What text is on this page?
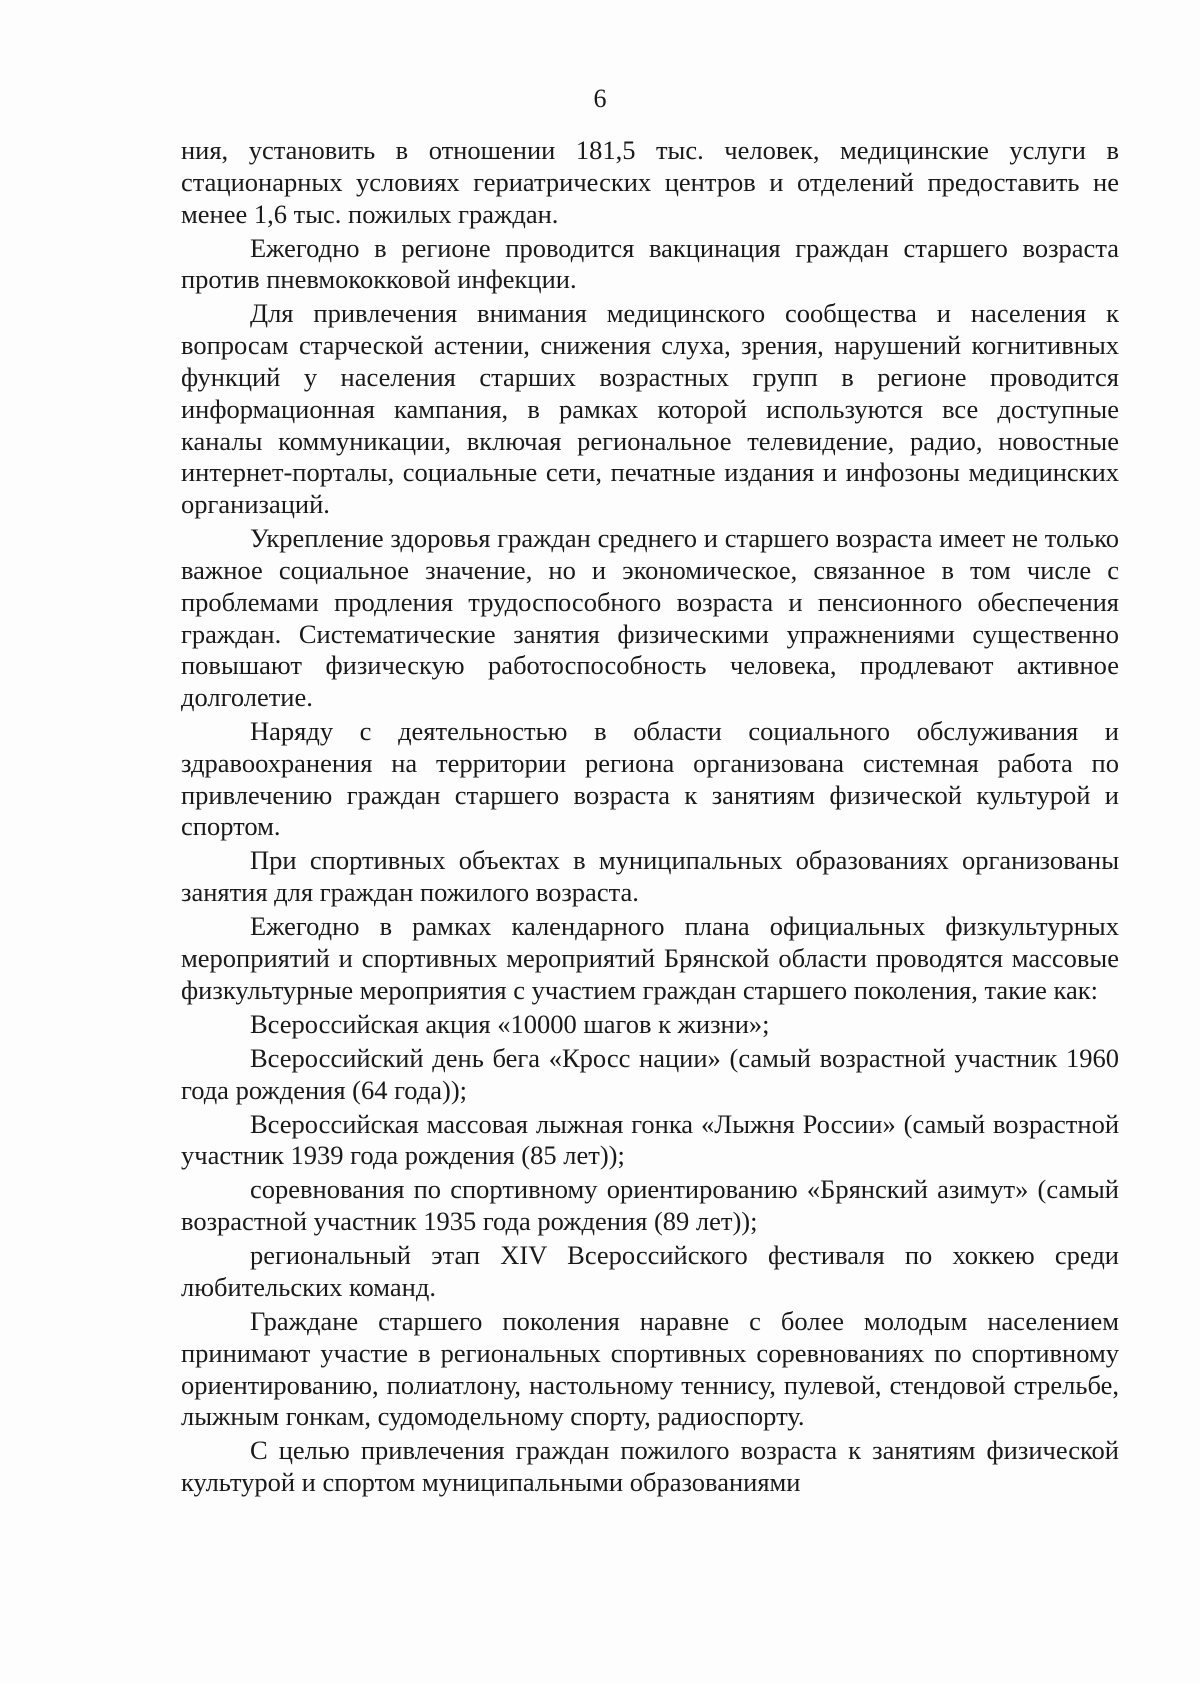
6

ния, установить в отношении 181,5 тыс. человек, медицинские услуги в стационарных условиях гериатрических центров и отделений предоставить не менее 1,6 тыс. пожилых граждан.

Ежегодно в регионе проводится вакцинация граждан старшего возраста против пневмококковой инфекции.

Для привлечения внимания медицинского сообщества и населения к вопросам старческой астении, снижения слуха, зрения, нарушений когнитивных функций у населения старших возрастных групп в регионе проводится информационная кампания, в рамках которой используются все доступные каналы коммуникации, включая региональное телевидение, радио, новостные интернет-порталы, социальные сети, печатные издания и инфозоны медицинских организаций.

Укрепление здоровья граждан среднего и старшего возраста имеет не только важное социальное значение, но и экономическое, связанное в том числе с проблемами продления трудоспособного возраста и пенсионного обеспечения граждан. Систематические занятия физическими упражнениями существенно повышают физическую работоспособность человека, продлевают активное долголетие.

Наряду с деятельностью в области социального обслуживания и здравоохранения на территории региона организована системная работа по привлечению граждан старшего возраста к занятиям физической культурой и спортом.

При спортивных объектах в муниципальных образованиях организованы занятия для граждан пожилого возраста.

Ежегодно в рамках календарного плана официальных физкультурных мероприятий и спортивных мероприятий Брянской области проводятся массовые физкультурные мероприятия с участием граждан старшего поколения, такие как:

Всероссийская акция «10000 шагов к жизни»;

Всероссийский день бега «Кросс нации» (самый возрастной участник 1960 года рождения (64 года));

Всероссийская массовая лыжная гонка «Лыжня России» (самый возрастной участник 1939 года рождения (85 лет));

соревнования по спортивному ориентированию «Брянский азимут» (самый возрастной участник 1935 года рождения (89 лет));

региональный этап XIV Всероссийского фестиваля по хоккею среди любительских команд.

Граждане старшего поколения наравне с более молодым населением принимают участие в региональных спортивных соревнованиях по спортивному ориентированию, полиатлону, настольному теннису, пулевой, стендовой стрельбе, лыжным гонкам, судомодельному спорту, радиоспорту.

С целью привлечения граждан пожилого возраста к занятиям физической культурой и спортом муниципальными образованиями
